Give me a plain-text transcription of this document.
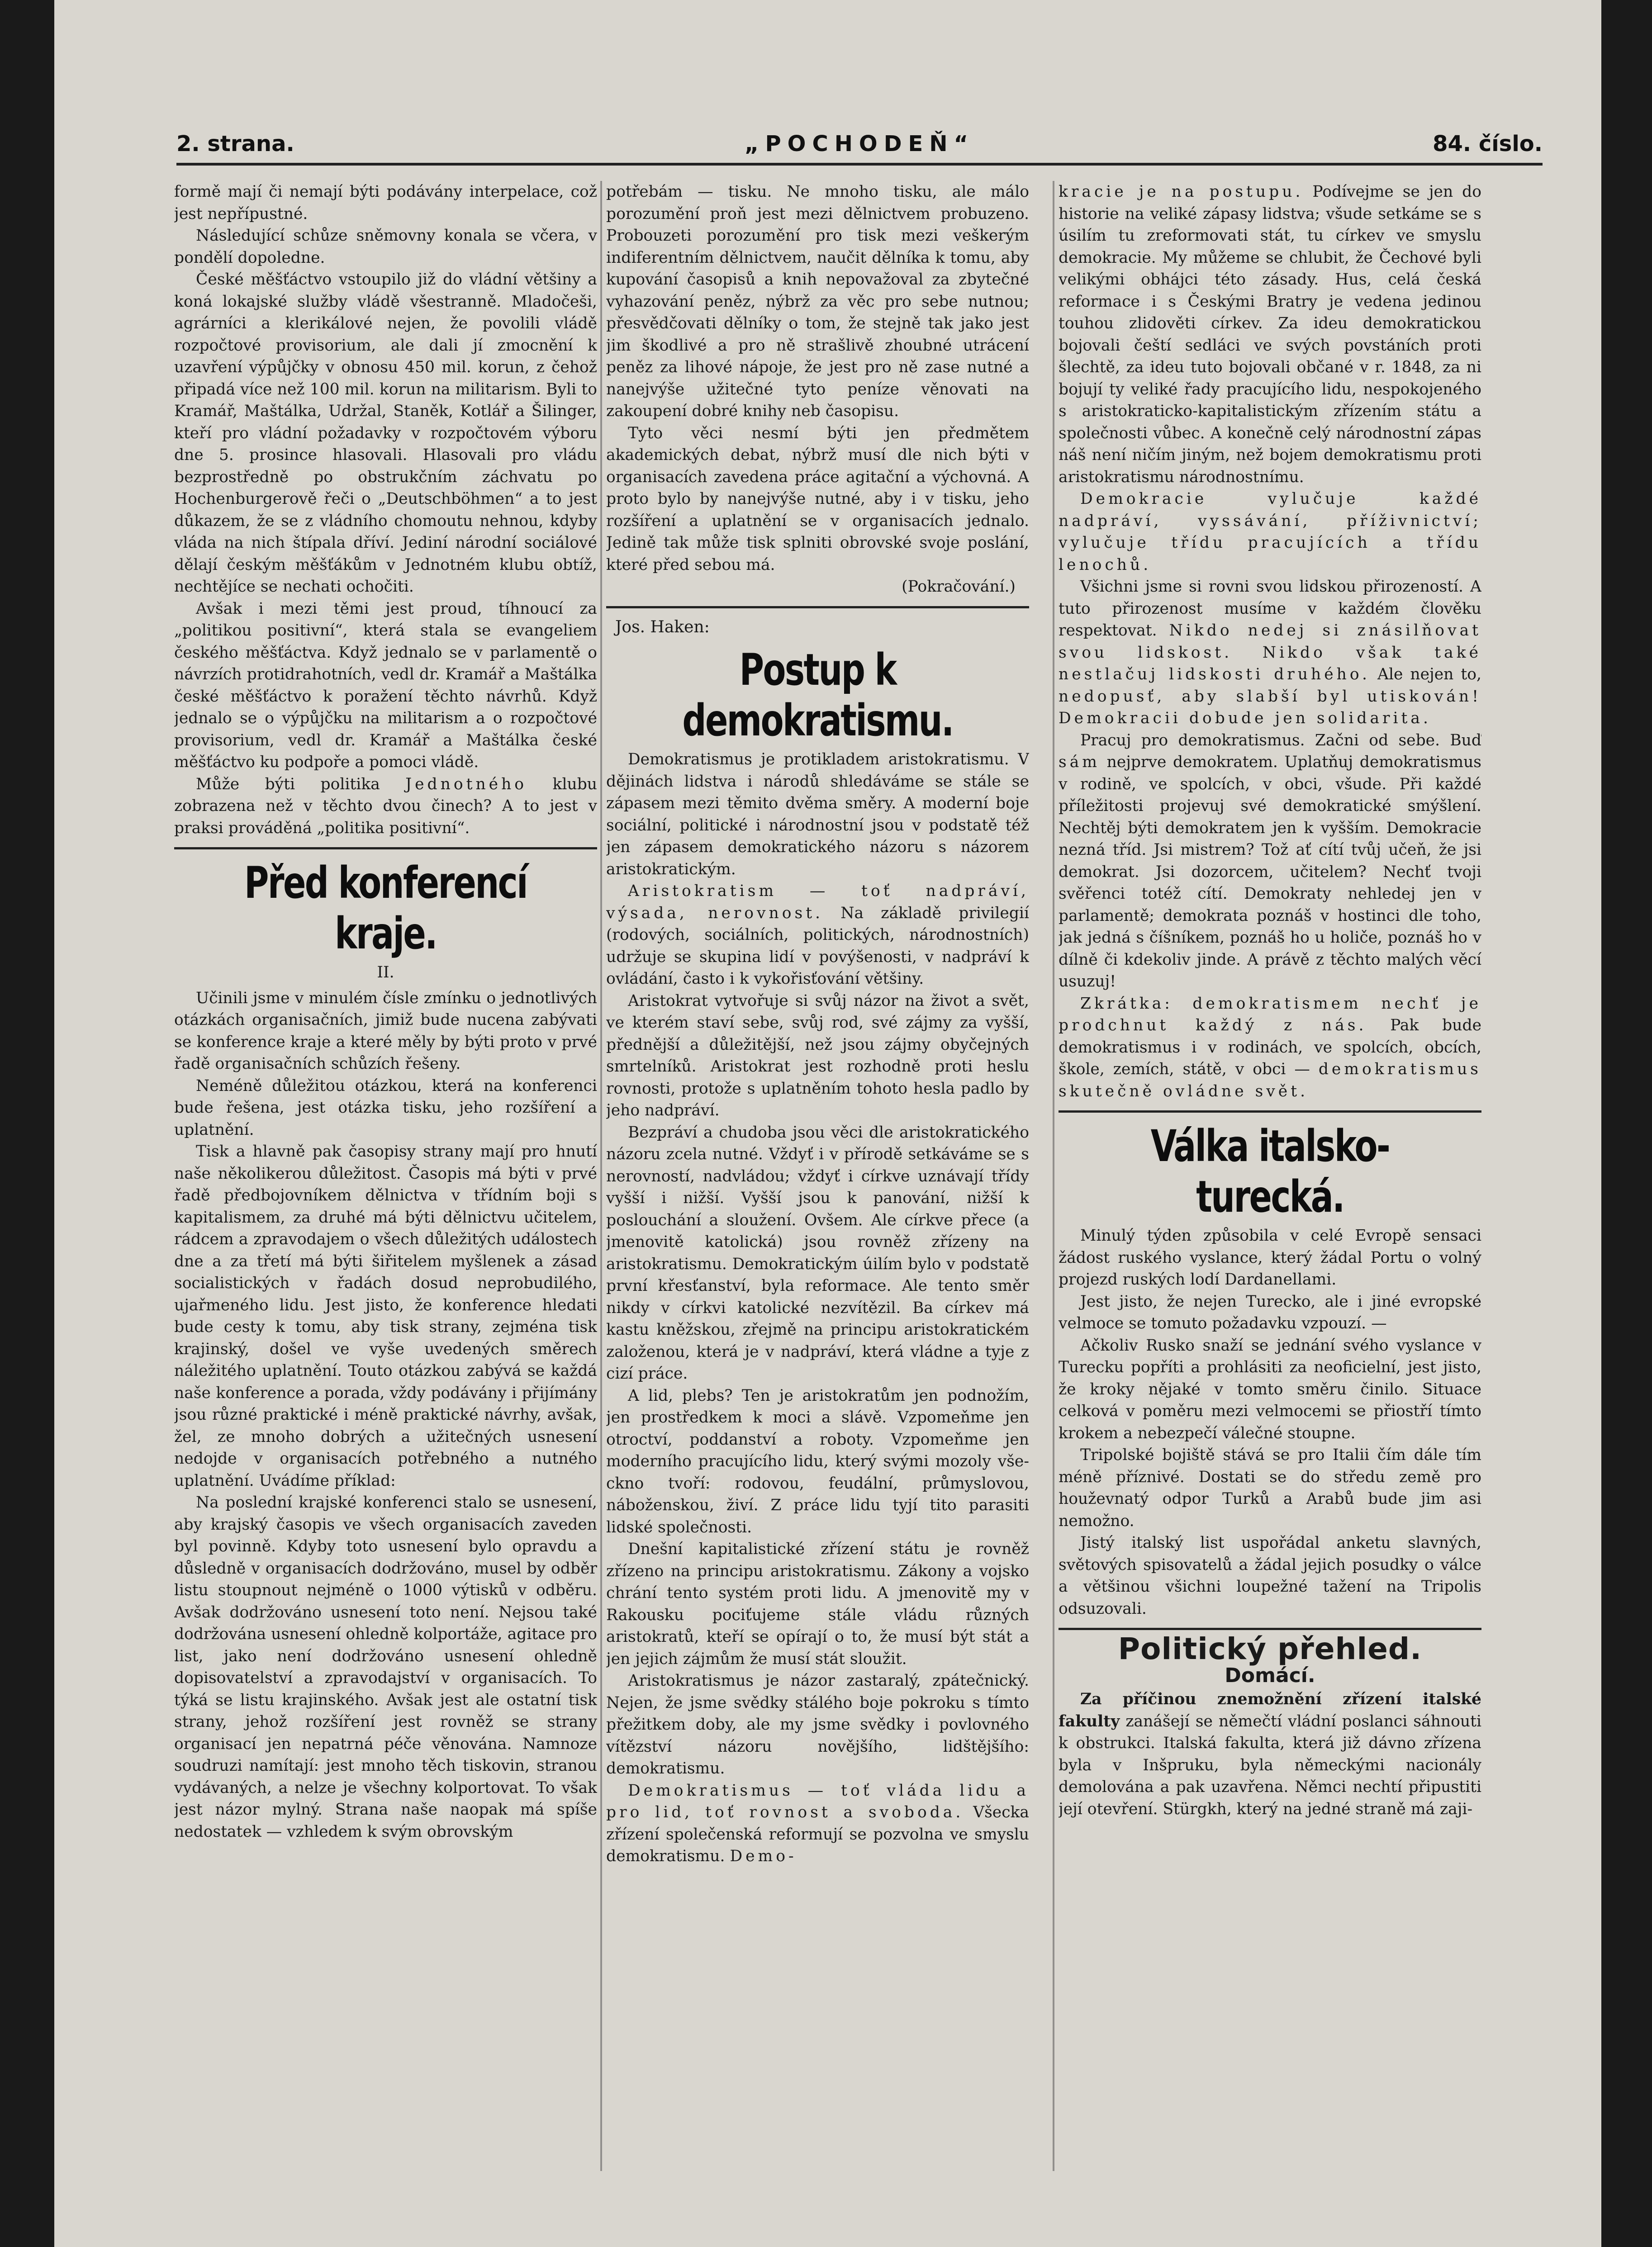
2. strana.	„POCHODEŇ“	84. číslo.

formě mají či nemají býti podávány interpelace, což jest nepřípustné.

Následující schůze sněmovny konala se včera, v pondělí dopoledne.

České měšťáctvo vstoupilo již do vládní většiny a koná lokajské služby vládě všestranně. Mladočeši, agrárníci a klerikálové nejen, že povolili vládě rozpočtové provisorium, ale dali jí zmocnění k uzavření výpůjčky v obnosu 450 mil. korun, z čehož připadá více než 100 mil. korun na militarism. Byli to Kramář, Maštálka, Udržal, Staněk, Kotlář a Šilinger, kteří pro vládní požadavky v rozpočtovém výboru dne 5. prosince hlasovali. Hlasovali pro vládu bezprostředně po obstrukčním záchvatu po Hochenburgerově řeči o „Deutschböhmen“ a to jest důkazem, že se z vládního chomoutu nehnou, kdyby vláda na nich štípala dříví. Jediní národní sociálové dělají českým měšťákům v Jednotném klubu obtíž, nechtějíce se nechati ochočiti.

Avšak i mezi těmi jest proud, tíhnoucí za „politikou positivní“, která stala se evangeliem českého měšťáctva. Když jednalo se v parlamentě o návrzích protidrahotních, vedl dr. Kramář a Maštálka české měšťáctvo k poražení těchto návrhů. Když jednalo se o výpůjčku na militarism a o rozpočtové provisorium, vedl dr. Kramář a Maštálka české měšťáctvo ku podpoře a pomoci vládě.

Může býti politika Jednotného klubu zobrazena než v těchto dvou činech? A to jest v praksi prováděná „politika positivní“.

Před konferencí kraje.
II.

Učinili jsme v minulém čísle zmínku o jednotlivých otázkách organisačních, jimiž bude nucena zabývati se konference kraje a které měly by býti proto v prvé řadě organisačních schůzích řešeny.

Neméně důležitou otázkou, která na konferenci bude řešena, jest otázka tisku, jeho rozšíření a uplatnění.

Tisk a hlavně pak časopisy strany mají pro hnutí naše několikerou důležitost. Časopis má býti v prvé řadě předbojovníkem dělnictva v třídním boji s kapitalismem, za druhé má býti dělnictvu učitelem, rádcem a zpravodajem o všech důležitých událostech dne a za třetí má býti šiřitelem myšlenek a zásad socialistických v řadách dosud neprobudilého, ujařmeného lidu. Jest jisto, že konference hledati bude cesty k tomu, aby tisk strany, zejména tisk krajinský, došel ve vyše uvedených směrech náležitého uplatnění. Touto otázkou zabývá se každá naše konference a porada, vždy podávány i přijímány jsou různé praktické i méně praktické návrhy, avšak, žel, ze mnoho dobrých a užitečných usnesení nedojde v organisacích potřebného a nutného uplatnění. Uvádíme příklad:

Na poslední krajské konferenci stalo se usnesení, aby krajský časopis ve všech organisacích zaveden byl povinně. Kdyby toto usnesení bylo opravdu a důsledně v organisacích dodržováno, musel by odběr listu stoupnout nejméně o 1000 výtisků v odběru. Avšak dodržováno usnesení toto není. Nejsou také dodržována usnesení ohledně kolportáže, agitace pro list, jako není dodržováno usnesení ohledně dopisovatelství a zpravodajství v organisacích. To týká se listu krajinského. Avšak jest ale ostatní tisk strany, jehož rozšíření jest rovněž se strany organisací jen nepatrná péče věnována. Namnoze soudruzi namítají: jest mnoho těch tiskovin, stranou vydávaných, a nelze je všechny kolportovat. To však jest názor mylný. Strana naše naopak má spíše nedostatek — vzhledem k svým obrovským

potřebám — tisku. Ne mnoho tisku, ale málo porozumění proň jest mezi dělnictvem probuzeno. Probouzeti porozumění pro tisk mezi veškerým indiferentním dělnictvem, naučit dělníka k tomu, aby kupování časopisů a knih nepovažoval za zbytečné vyhazování peněz, nýbrž za věc pro sebe nutnou; přesvědčovati dělníky o tom, že stejně tak jako jest jim škodlivé a pro ně strašlivě zhoubné utrácení peněz za lihové nápoje, že jest pro ně zase nutné a nanejvýše užitečné tyto peníze věnovati na zakoupení dobré knihy neb časopisu.

Tyto věci nesmí býti jen předmětem akademických debat, nýbrž musí dle nich býti v organisacích zavedena práce agitační a výchovná. A proto bylo by nanejvýše nutné, aby i v tisku, jeho rozšíření a uplatnění se v organisacích jednalo. Jedině tak může tisk splniti obrovské svoje poslání, které před sebou má.

(Pokračování.)
Jos. Haken:
Postup k demokratismu.

Demokratismus je protikladem aristokratismu. V dějinách lidstva i národů shledáváme se stále se zápasem mezi těmito dvěma směry. A moderní boje sociální, politické i národnostní jsou v podstatě též jen zápasem demokratického názoru s názorem aristokratickým.

Aristokratism — toť nadpráví, výsada, nerovnost. Na základě privilegií (rodových, sociálních, politických, národnostních) udržuje se skupina lidí v povýšenosti, v nadpráví k ovládání, často i k vykořisťování většiny.

Aristokrat vytvořuje si svůj názor na život a svět, ve kterém staví sebe, svůj rod, své zájmy za vyšší, přednější a důležitější, než jsou zájmy obyčejných smrtelníků. Aristokrat jest rozhodně proti heslu rovnosti, protože s uplatněním tohoto hesla padlo by jeho nadpráví.

Bezpráví a chudoba jsou věci dle aristokratického názoru zcela nutné. Vždyť i v přírodě setkáváme se s nerovností, nadvládou; vždyť i církve uznávají třídy vyšší i nižší. Vyšší jsou k panování, nižší k poslouchání a sloužení. Ovšem. Ale církve přece (a jmenovitě katolická) jsou rovněž zřízeny na aristokratismu. Demokratickým úilím bylo v podstatě první křesťanství, byla reformace. Ale tento směr nikdy v církvi katolické nezvítězil. Ba církev má kastu kněžskou, zřejmě na principu aristokratickém založenou, která je v nadpráví, která vládne a tyje z cizí práce.

A lid, plebs? Ten je aristokratům jen podnožím, jen prostředkem k moci a slávě. Vzpomeňme jen otroctví, poddanství a roboty. Vzpomeňme jen moderního pracujícího lidu, který svými mozoly vše-ckno tvoří: rodovou, feudální, průmyslovou, náboženskou, živí. Z práce lidu tyjí tito parasiti lidské společnosti.

Dnešní kapitalistické zřízení státu je rovněž zřízeno na principu aristokratismu. Zákony a vojsko chrání tento systém proti lidu. A jmenovitě my v Rakousku pociťujeme stále vládu různých aristokratů, kteří se opírají o to, že musí být stát a jen jejich zájmům že musí stát sloužit.

Aristokratismus je názor zastaralý, zpátečnický. Nejen, že jsme svědky stálého boje pokroku s tímto přežitkem doby, ale my jsme svědky i povlovného vítězství názoru novějšího, lidštějšího: demokratismu.

Demokratismus — toť vláda lidu a pro lid, toť rovnost a svoboda. Všecka zřízení společenská reformují se pozvolna ve smyslu demokratismu. Demo-

kracie je na postupu. Podívejme se jen do historie na veliké zápasy lidstva; všude setkáme se s úsilím tu zreformovati stát, tu církev ve smyslu demokracie. My můžeme se chlubit, že Čechové byli velikými obhájci této zásady. Hus, celá česká reformace i s Českými Bratry je vedena jedinou touhou zlidověti církev. Za ideu demokratickou bojovali čeští sedláci ve svých povstáních proti šlechtě, za ideu tuto bojovali občané v r. 1848, za ni bojují ty veliké řady pracujícího lidu, nespokojeného s aristokraticko-kapitalistickým zřízením státu a společnosti vůbec. A konečně celý národnostní zápas náš není ničím jiným, než bojem demokratismu proti aristokratismu národnostnímu.

Demokracie vylučuje každé nadpráví, vyssávání, příživnictví; vylučuje třídu pracujících a třídu lenochů.

Všichni jsme si rovni svou lidskou přirozeností. A tuto přirozenost musíme v každém člověku respektovat. Nikdo nedej si znásilňovat svou lidskost. Nikdo však také nestlačuj lidskosti druhého. Ale nejen to, nedopusť, aby slabší byl utiskován! Demokracii dobude jen solidarita.

Pracuj pro demokratismus. Začni od sebe. Buď sám nejprve demokratem. Uplatňuj demokratismus v rodině, ve spolcích, v obci, všude. Při každé příležitosti projevuj své demokratické smýšlení. Nechtěj býti demokratem jen k vyšším. Demokracie nezná tříd. Jsi mistrem? Tož ať cítí tvůj učeň, že jsi demokrat. Jsi dozorcem, učitelem? Nechť tvoji svěřenci totéž cítí. Demokraty nehledej jen v parlamentě; demokrata poznáš v hostinci dle toho, jak jedná s číšníkem, poznáš ho u holiče, poznáš ho v dílně či kdekoliv jinde. A právě z těchto malých věcí usuzuj!

Zkrátka: demokratismem nechť je prodchnut každý z nás. Pak bude demokratismus i v rodinách, ve spolcích, obcích, škole, zemích, státě, v obci — demokratismus skutečně ovládne svět.

Válka italsko-turecká.

Minulý týden způsobila v celé Evropě sensaci žádost ruského vyslance, který žádal Portu o volný projezd ruských lodí Dardanellami.

Jest jisto, že nejen Turecko, ale i jiné evropské velmoce se tomuto požadavku vzpouzí. —

Ačkoliv Rusko snaží se jednání svého vyslance v Turecku popříti a prohlásiti za neoficielní, jest jisto, že kroky nějaké v tomto směru činilo. Situace celková v poměru mezi velmocemi se přiostří tímto krokem a nebezpečí válečné stoupne.

Tripolské bojiště stává se pro Italii čím dále tím méně příznivé. Dostati se do středu země pro houževnatý odpor Turků a Arabů bude jim asi nemožno.

Jistý italský list uspořádal anketu slavných, světových spisovatelů a žádal jejich posudky o válce a většinou všichni loupežné tažení na Tripolis odsuzovali.

Politický přehled.
Domácí.

Za příčinou znemožnění zřízení italské fakulty zanášejí se němečtí vládní poslanci sáhnouti k obstrukci. Italská fakulta, která již dávno zřízena byla v Inšpruku, byla německými nacionály demolována a pak uzavřena. Němci nechtí připustiti její otevření. Stürgkh, který na jedné straně má zaji-
